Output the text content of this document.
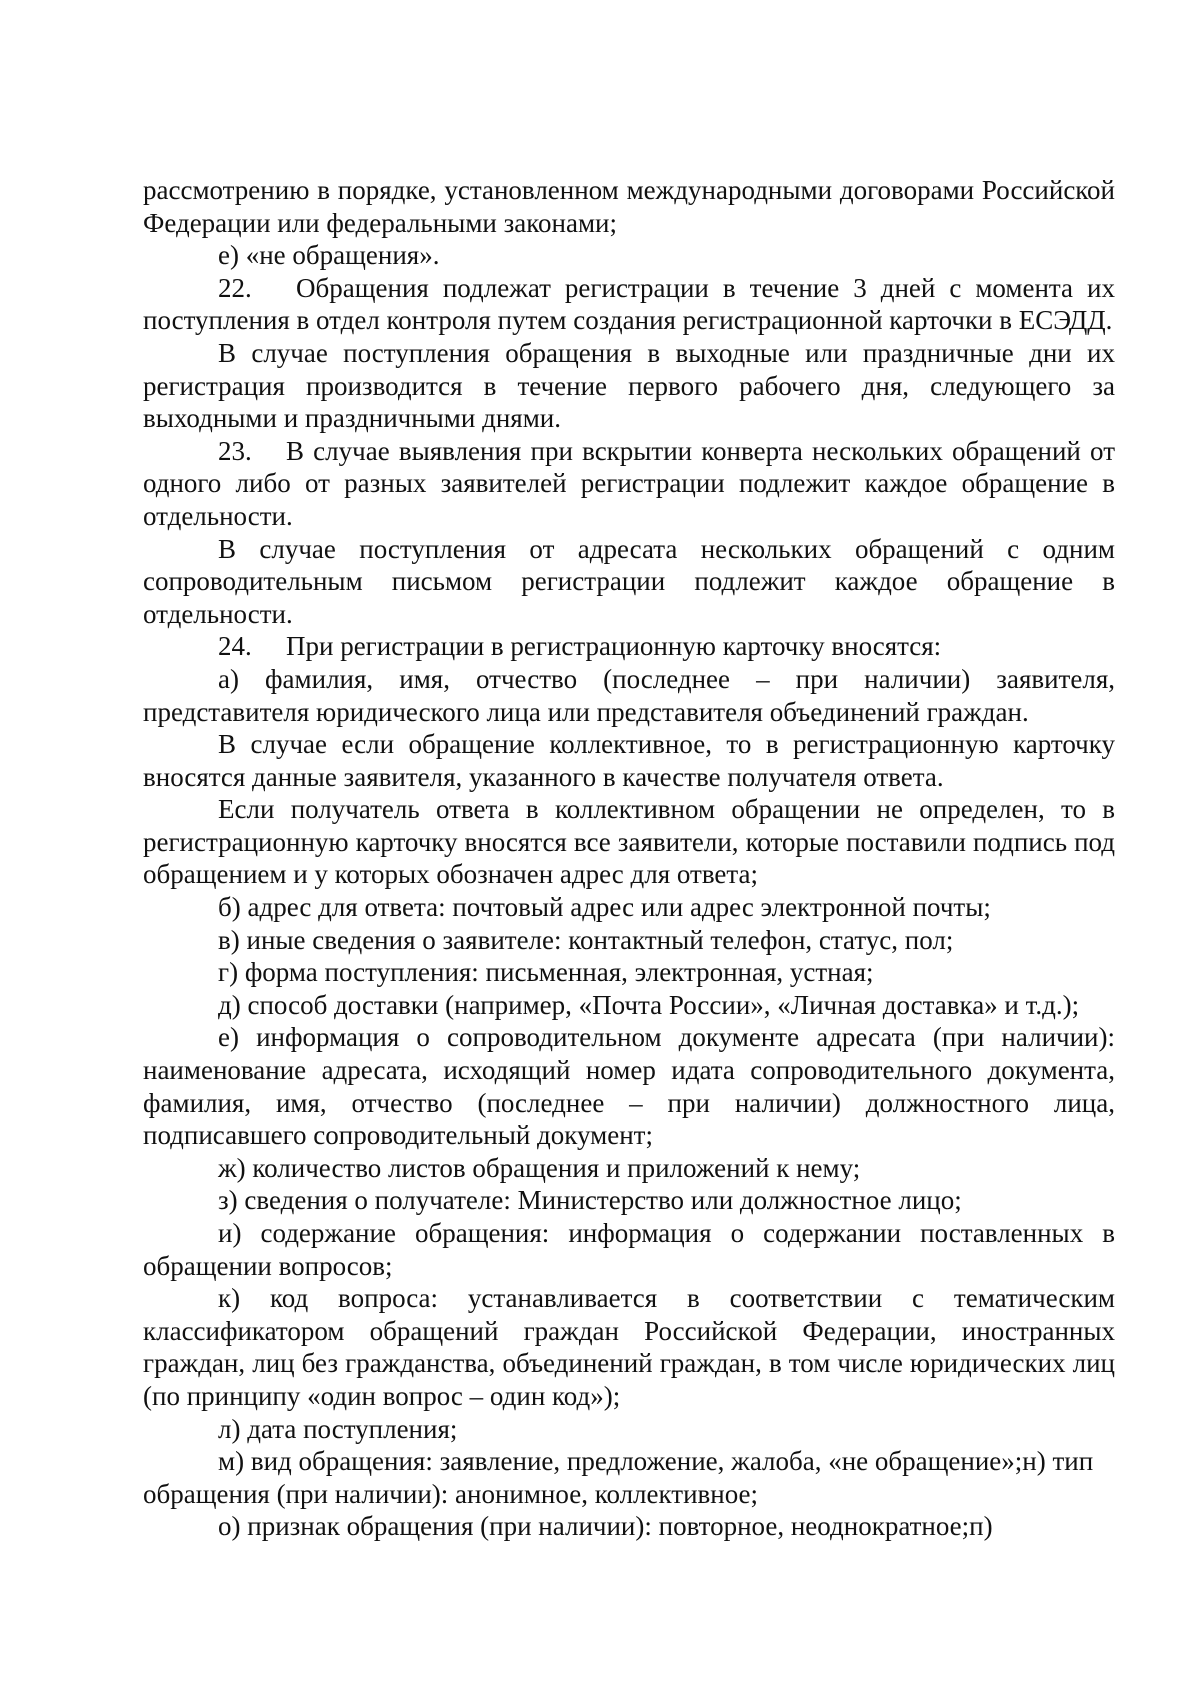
рассмотрению в порядке, установленном международными договорами Российской Федерации или федеральными законами;

е) «не обращения».

22. Обращения подлежат регистрации в течение 3 дней с момента их поступления в отдел контроля путем создания регистрационной карточки в ЕСЭДД.

В случае поступления обращения в выходные или праздничные дни их регистрация производится в течение первого рабочего дня, следующего за выходными и праздничными днями.

23. В случае выявления при вскрытии конверта нескольких обращений от одного либо от разных заявителей регистрации подлежит каждое обращение в отдельности.

В случае поступления от адресата нескольких обращений с одним сопроводительным письмом регистрации подлежит каждое обращение в отдельности.

24. При регистрации в регистрационную карточку вносятся:

а) фамилия, имя, отчество (последнее – при наличии) заявителя, представителя юридического лица или представителя объединений граждан.

В случае если обращение коллективное, то в регистрационную карточку вносятся данные заявителя, указанного в качестве получателя ответа.

Если получатель ответа в коллективном обращении не определен, то в регистрационную карточку вносятся все заявители, которые поставили подпись под обращением и у которых обозначен адрес для ответа;

б) адрес для ответа: почтовый адрес или адрес электронной почты;

в) иные сведения о заявителе: контактный телефон, статус, пол;

г) форма поступления: письменная, электронная, устная;

д) способ доставки (например, «Почта России», «Личная доставка» и т.д.);

е) информация о сопроводительном документе адресата (при наличии): наименование адресата, исходящий номер идата сопроводительного документа, фамилия, имя, отчество (последнее – при наличии) должностного лица, подписавшего сопроводительный документ;

ж) количество листов обращения и приложений к нему;

з) сведения о получателе: Министерство или должностное лицо;

и) содержание обращения: информация о содержании поставленных в обращении вопросов;

к) код вопроса: устанавливается в соответствии с тематическим классификатором обращений граждан Российской Федерации, иностранных граждан, лиц без гражданства, объединений граждан, в том числе юридических лиц (по принципу «один вопрос – один код»);

л) дата поступления;

м) вид обращения: заявление, предложение, жалоба, «не обращение»;н) тип обращения (при наличии): анонимное, коллективное;

о) признак обращения (при наличии): повторное, неоднократное;п)
